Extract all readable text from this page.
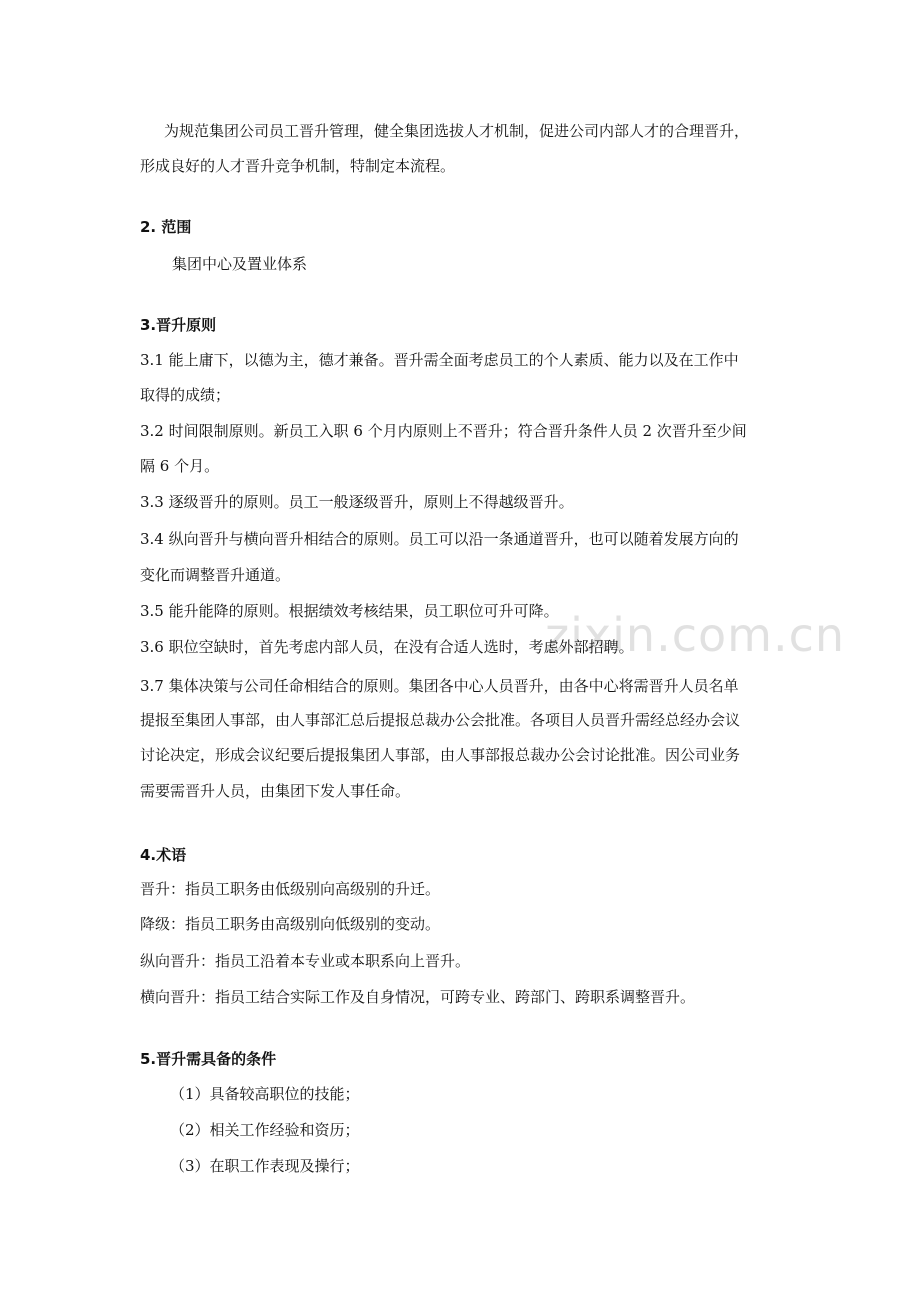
zixin.com.cn
为规范集团公司员工晋升管理，健全集团选拔人才机制，促进公司内部人才的合理晋升，
形成良好的人才晋升竞争机制，特制定本流程。
2. 范围
集团中心及置业体系
3.晋升原则
3.1 能上庸下，以德为主，德才兼备。晋升需全面考虑员工的个人素质、能力以及在工作中
取得的成绩；
3.2 时间限制原则。新员工入职 6 个月内原则上不晋升；符合晋升条件人员 2 次晋升至少间
隔 6 个月。
3.3 逐级晋升的原则。员工一般逐级晋升，原则上不得越级晋升。
3.4 纵向晋升与横向晋升相结合的原则。员工可以沿一条通道晋升，也可以随着发展方向的
变化而调整晋升通道。
3.5 能升能降的原则。根据绩效考核结果，员工职位可升可降。
3.6 职位空缺时，首先考虑内部人员，在没有合适人选时，考虑外部招聘。
3.7 集体决策与公司任命相结合的原则。集团各中心人员晋升，由各中心将需晋升人员名单
提报至集团人事部，由人事部汇总后提报总裁办公会批准。各项目人员晋升需经总经办会议
讨论决定，形成会议纪要后提报集团人事部，由人事部报总裁办公会讨论批准。因公司业务
需要需晋升人员，由集团下发人事任命。
4.术语
晋升：指员工职务由低级别向高级别的升迁。
降级：指员工职务由高级别向低级别的变动。
纵向晋升：指员工沿着本专业或本职系向上晋升。
横向晋升：指员工结合实际工作及自身情况，可跨专业、跨部门、跨职系调整晋升。
5.晋升需具备的条件
（1）具备较高职位的技能；
（2）相关工作经验和资历；
（3）在职工作表现及操行；
